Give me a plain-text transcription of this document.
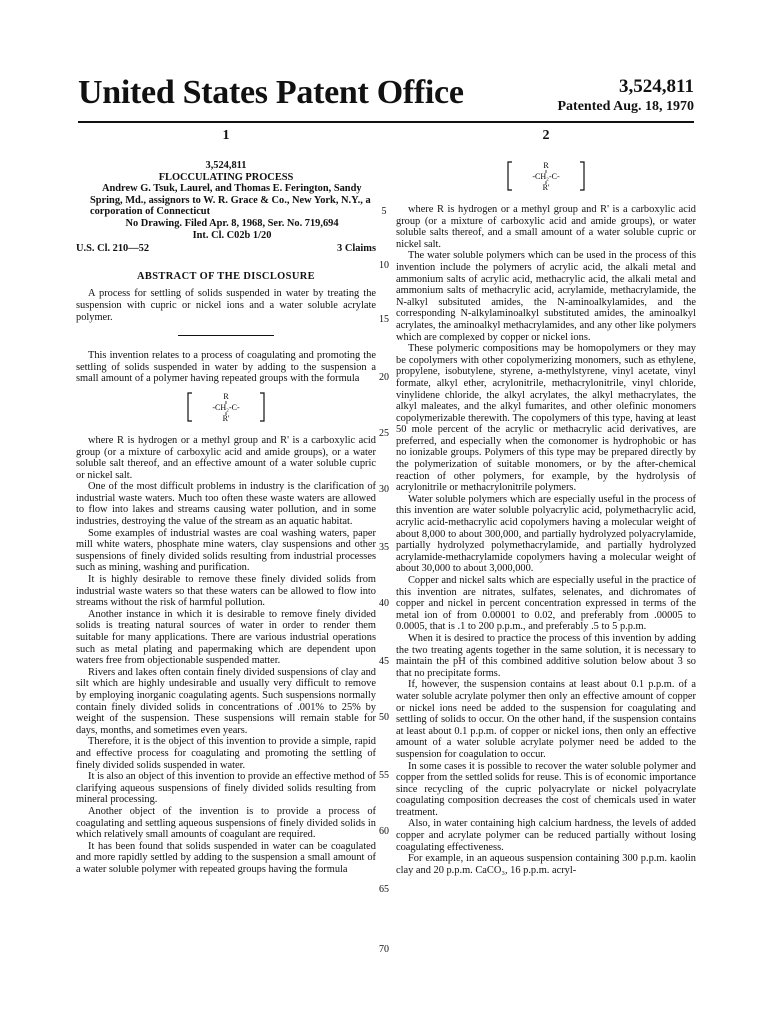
United States Patent Office	3,524,811
Patented Aug. 18, 1970
1
3,524,811
FLOCCULATING PROCESS

Andrew G. Tsuk, Laurel, and Thomas E. Ferington, Sandy Spring, Md., assignors to W. R. Grace & Co., New York, N.Y., a corporation of Connecticut

No Drawing. Filed Apr. 8, 1968, Ser. No. 719,694

Int. Cl. C02b 1/20

U.S. Cl. 210—52	3 Claims
ABSTRACT OF THE DISCLOSURE

A process for settling of solids suspended in water by treating the suspension with cupric or nickel ions and a water soluble acrylate polymer.

This invention relates to a process of coagulating and promoting the settling of solids suspended in water by adding to the suspension a small amount of a polymer having repeated groups with the formula

R
-CH₂-C-
R'

where R is hydrogen or a methyl group and R' is a carboxylic acid group (or a mixture of carboxylic acid and amide groups), or a water soluble salt thereof, and an effective amount of a water soluble cupric or nickel salt.

One of the most difficult problems in industry is the clarification of industrial waste waters. Much too often these waste waters are allowed to flow into lakes and streams causing water pollution, and in some industries, destroying the value of the stream as an aquatic habitat.

Some examples of industrial wastes are coal washing waters, paper mill white waters, phosphate mine waters, clay suspensions and other suspensions of finely divided solids resulting from industrial processes such as mining, washing and purification.

It is highly desirable to remove these finely divided solids from industrial waste waters so that these waters can be allowed to flow into streams without the risk of harmful pollution.

Another instance in which it is desirable to remove finely divided solids is treating natural sources of water in order to render them suitable for many applications. There are various industrial operations such as metal plating and papermaking which are dependent upon waters free from objectionable suspended matter.

Rivers and lakes often contain finely divided suspensions of clay and silt which are highly undesirable and usually very difficult to remove by employing inorganic coagulating agents. Such suspensions normally contain finely divided solids in concentrations of .001% to 25% by weight of the suspension. These suspensions will remain stable for days, months, and sometimes even years.

Therefore, it is the object of this invention to provide a simple, rapid and effective process for coagulating and promoting the settling of finely divided solids suspended in water.

It is also an object of this invention to provide an effective method of clarifying aqueous suspensions of finely divided solids resulting from mineral processing.

Another object of the invention is to provide a process of coagulating and settling aqueous suspensions of finely divided solids in which relatively small amounts of coagulant are required.

It has been found that solids suspended in water can be coagulated and more rapidly settled by adding to the suspension a small amount of a water soluble polymer with repeated groups having the formula

5
10
15
20
25
30
35
40
45
50
55
60
65
70
2
R
-CH₂-C-
R'

where R is hydrogen or a methyl group and R' is a carboxylic acid group (or a mixture of carboxylic acid and amide groups), or water soluble salts thereof, and a small amount of a water soluble cupric or nickel salt.

The water soluble polymers which can be used in the process of this invention include the polymers of acrylic acid, the alkali metal and ammonium salts of acrylic acid, methacrylic acid, the alkali metal and ammonium salts of methacrylic acid, acrylamide, methacrylamide, the N-alkyl subsituted amides, the N-aminoalkylamides, and the corresponding N-alkylaminoalkyl substituted amides, the aminoalkyl acrylates, the aminoalkyl methacrylamides, and any other like polymers which are complexed by copper or nickel ions.

These polymeric compositions may be homopolymers or they may be copolymers with other copolymerizing monomers, such as ethylene, propylene, isobutylene, styrene, a-methylstyrene, vinyl acetate, vinyl formate, alkyl ether, acrylonitrile, methacrylonitrile, vinyl chloride, vinylidene chloride, the alkyl acrylates, the alkyl methacrylates, the alkyl maleates, and the alkyl fumarites, and other olefinic monomers copolymerizable therewith. The copolymers of this type, having at least 50 mole percent of the acrylic or methacrylic acid derivatives, are preferred, and especially when the comonomer is hydrophobic or has no ionizable groups. Polymers of this type may be prepared directly by the polymerization of suitable monomers, or by the after-chemical reaction of other polymers, for example, by the hydrolysis of acrylonitrile or methacrylonitrile polymers.

Water soluble polymers which are especially useful in the process of this invention are water soluble polyacrylic acid, polymethacrylic acid, acrylic acid-methacrylic acid copolymers having a molecular weight of about 8,000 to about 300,000, and partially hydrolyzed polyacrylamide, partially hydrolyzed polymethacrylamide, and partially hydrolyzed acrylamide-methacrylamide copolymers having a molecular weight of about 30,000 to about 3,000,000.

Copper and nickel salts which are especially useful in the practice of this invention are nitrates, sulfates, selenates, and dichromates of copper and nickel in percent concentration expressed in terms of the metal ion of from 0.00001 to 0.02, and preferably from .00005 to 0.0005, that is .1 to 200 p.p.m., and preferably .5 to 5 p.p.m.

When it is desired to practice the process of this invention by adding the two treating agents together in the same solution, it is necessary to maintain the pH of this combined additive solution below about 3 so that no precipitate forms.

If, however, the suspension contains at least about 0.1 p.p.m. of a water soluble acrylate polymer then only an effective amount of copper or nickel ions need be added to the suspension for coagulating and settling of solids to occur. On the other hand, if the suspension contains at least about 0.1 p.p.m. of copper or nickel ions, then only an effective amount of a water soluble acrylate polymer need be added to the suspension for coagulation to occur.

In some cases it is possible to recover the water soluble polymer and copper from the settled solids for reuse. This is of economic importance since recycling of the cupric polyacrylate or nickel polyacrylate coagulating composition decreases the cost of chemicals used in water treatment.

Also, in water containing high calcium hardness, the levels of added copper and acrylate polymer can be reduced partially without losing coagulating effectiveness.

For example, in an aqueous suspension containing 300 p.p.m. kaolin clay and 20 p.p.m. CaCO₃, 16 p.p.m. acryl-
